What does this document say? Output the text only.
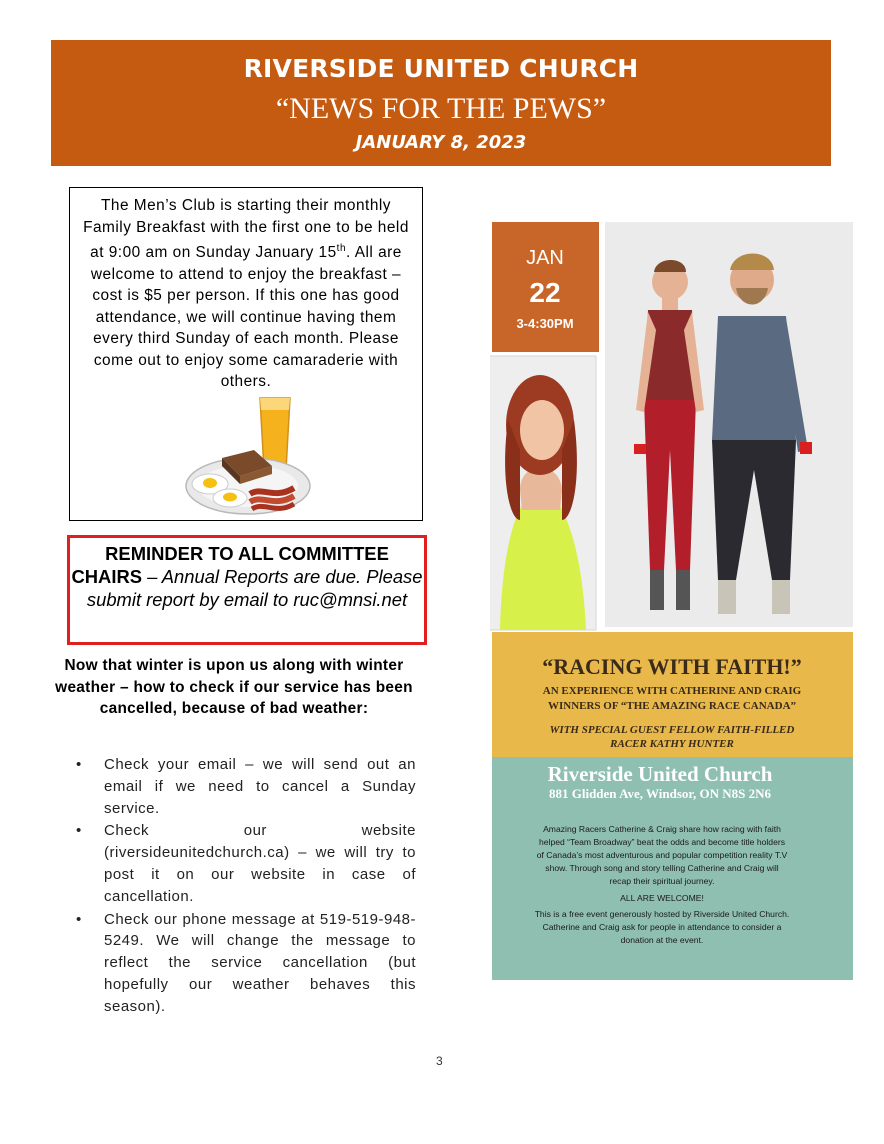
RIVERSIDE UNITED CHURCH
“NEWS FOR THE PEWS”
JANUARY 8, 2023

The Men’s Club is starting their monthly Family Breakfast with the first one to be held at 9:00 am on Sunday January 15th. All are welcome to attend to enjoy the breakfast – cost is $5 per person. If this one has good attendance, we will continue having them every third Sunday of each month. Please come out to enjoy some camaraderie with others.

REMINDER TO ALL COMMITTEE CHAIRS – Annual Reports are due. Please submit report by email to ruc@mnsi.net
Now that winter is upon us along with winter weather – how to check if our service has been cancelled, because of bad weather:
• Check your email – we will send out an email if we need to cancel a Sunday service.
• Check our website (riversideunitedchurch.ca) – we will try to post it on our website in case of cancellation.
• Check our phone message at 519-519-948-5249. We will change the message to reflect the service cancellation (but hopefully our weather behaves this season).
JAN
22
3-4:30PM
“RACING WITH FAITH!”
AN EXPERIENCE WITH CATHERINE AND CRAIG
WINNERS OF “THE AMAZING RACE CANADA”
WITH SPECIAL GUEST FELLOW FAITH-FILLED
RACER KATHY HUNTER
Riverside United Church
881 Glidden Ave, Windsor, ON N8S 2N6
Amazing Racers Catherine & Craig share how racing with faith
helped “Team Broadway” beat the odds and become title holders
of Canada’s most adventurous and popular competition reality T.V
show. Through song and story telling Catherine and Craig will
recap their spiritual journey.
ALL ARE WELCOME!
This is a free event generously hosted by Riverside United Church.
Catherine and Craig ask for people in attendance to consider a
donation at the event.
3
